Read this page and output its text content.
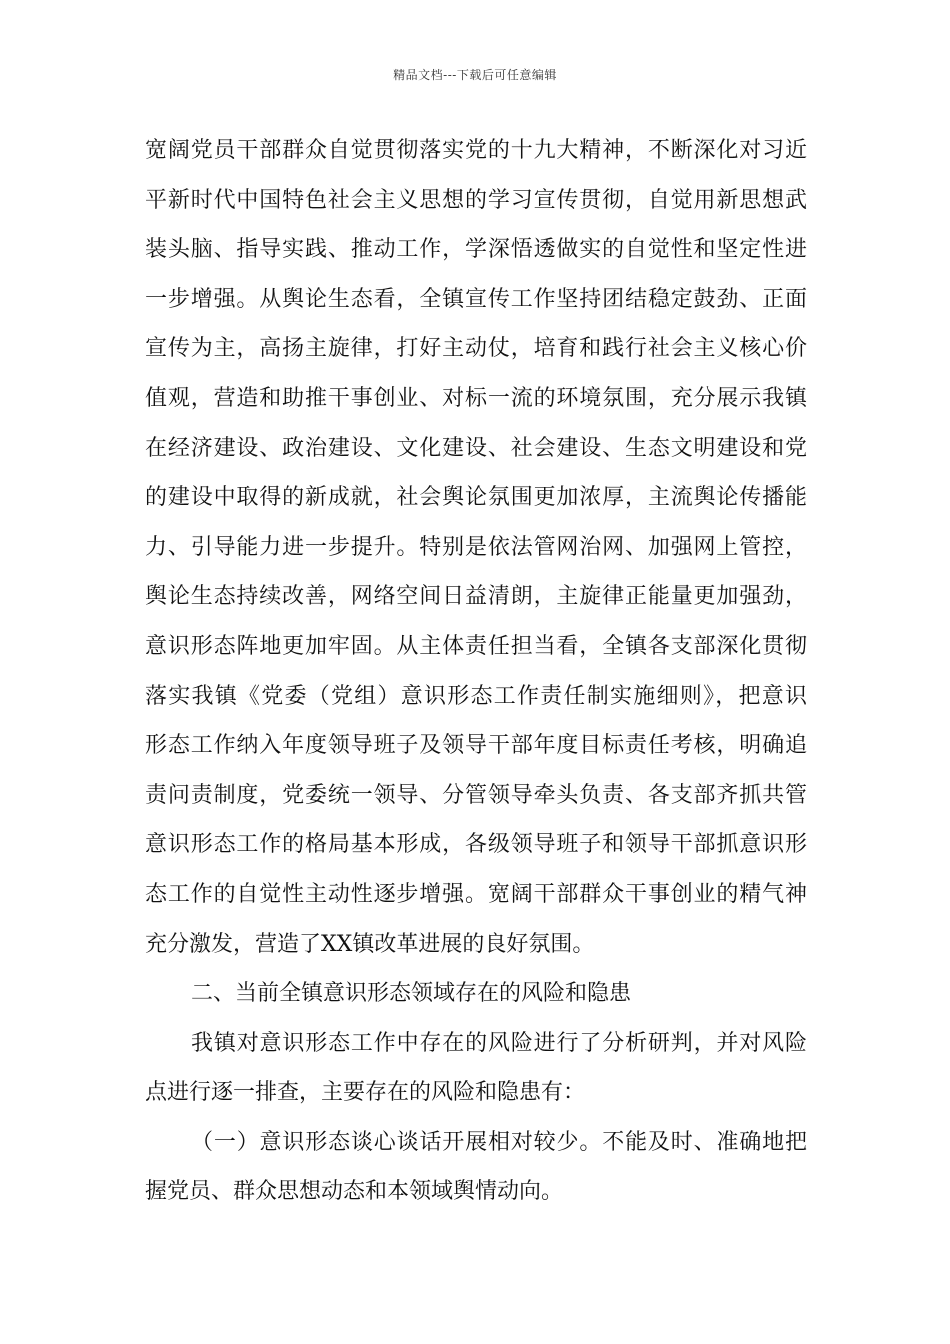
精品文档---下载后可任意编辑
宽阔党员干部群众自觉贯彻落实党的十九大精神，不断深化对习近
平新时代中国特色社会主义思想的学习宣传贯彻，自觉用新思想武
装头脑、指导实践、推动工作，学深悟透做实的自觉性和坚定性进
一步增强。从舆论生态看，全镇宣传工作坚持团结稳定鼓劲、正面
宣传为主，高扬主旋律，打好主动仗，培育和践行社会主义核心价
值观，营造和助推干事创业、对标一流的环境氛围，充分展示我镇
在经济建设、政治建设、文化建设、社会建设、生态文明建设和党
的建设中取得的新成就，社会舆论氛围更加浓厚，主流舆论传播能
力、引导能力进一步提升。特别是依法管网治网、加强网上管控，
舆论生态持续改善，网络空间日益清朗，主旋律正能量更加强劲，
意识形态阵地更加牢固。从主体责任担当看，全镇各支部深化贯彻
落实我镇《党委（党组）意识形态工作责任制实施细则》，把意识
形态工作纳入年度领导班子及领导干部年度目标责任考核，明确追
责问责制度，党委统一领导、分管领导牵头负责、各支部齐抓共管
意识形态工作的格局基本形成，各级领导班子和领导干部抓意识形
态工作的自觉性主动性逐步增强。宽阔干部群众干事创业的精气神
充分激发，营造了XX镇改革进展的良好氛围。
二、当前全镇意识形态领域存在的风险和隐患
我镇对意识形态工作中存在的风险进行了分析研判，并对风险
点进行逐一排查，主要存在的风险和隐患有：
（一）意识形态谈心谈话开展相对较少。不能及时、准确地把
握党员、群众思想动态和本领域舆情动向。
